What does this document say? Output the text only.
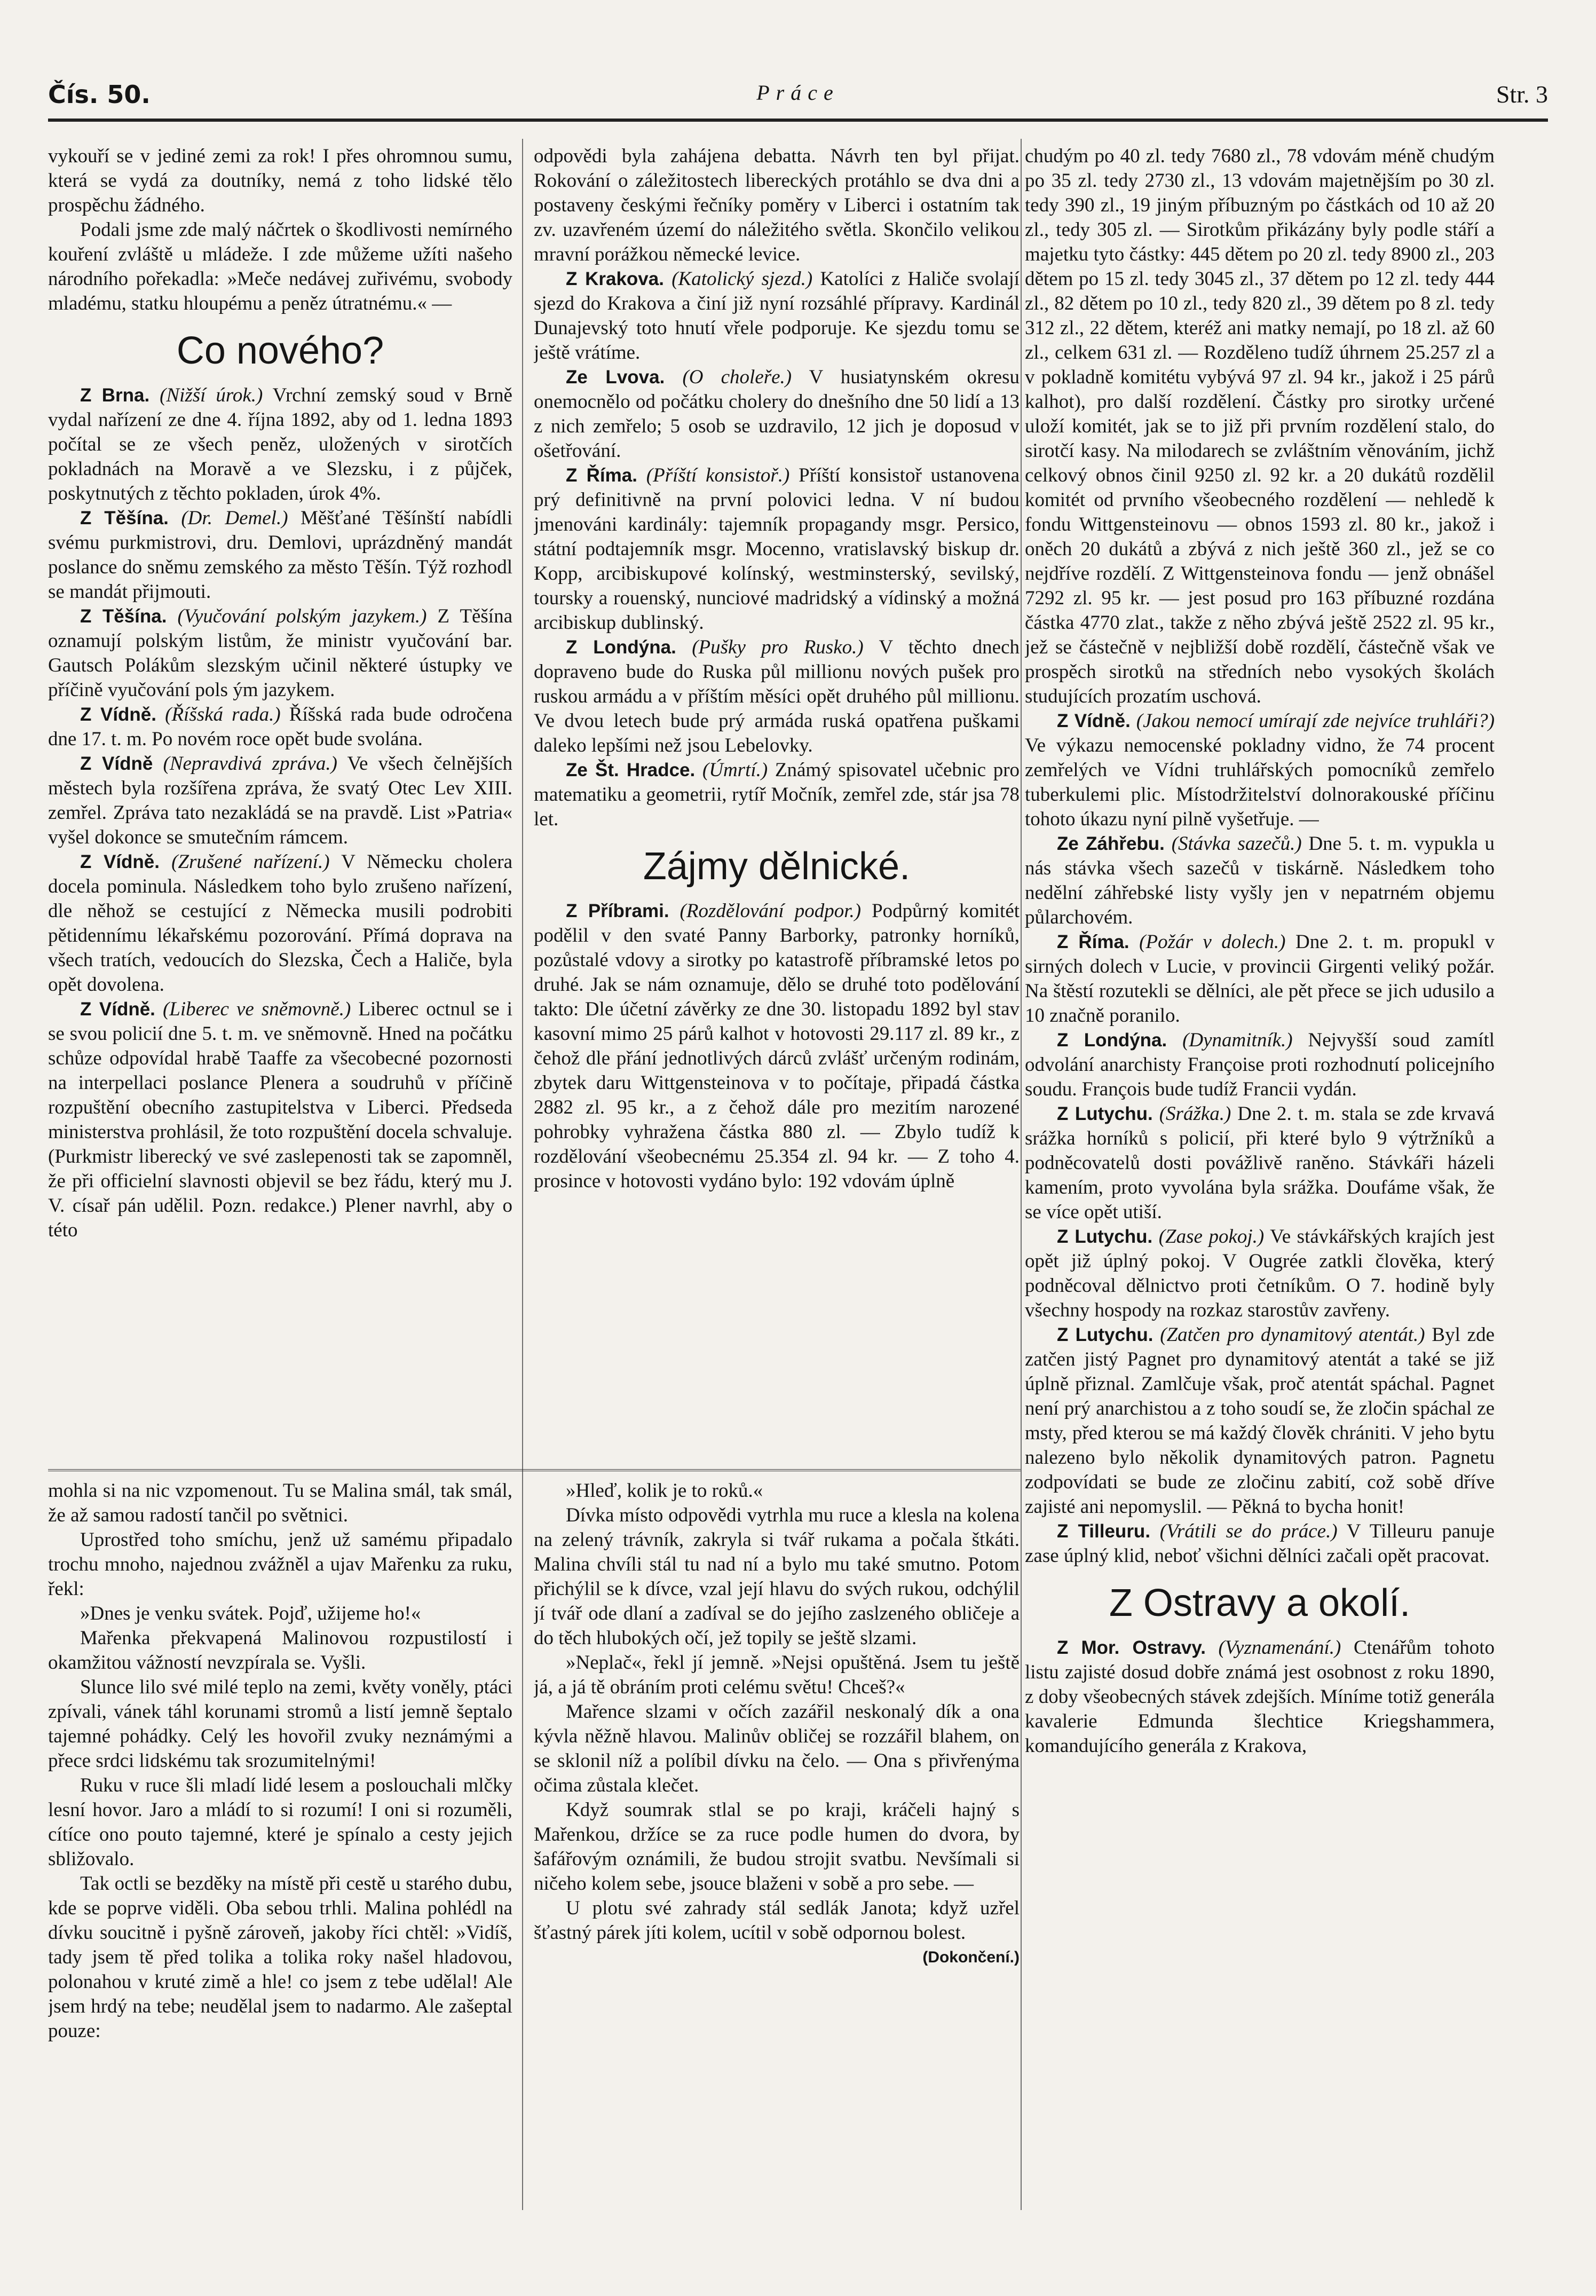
Čís. 50.	Práce	Str. 3

vykouří se v jediné zemi za rok! I přes ohromnou sumu, která se vydá za doutníky, nemá z toho lidské tělo prospěchu žádného.

Podali jsme zde malý náčrtek o škodlivosti nemírného kouření zvláště u mládeže. I zde můžeme užíti našeho národního pořekadla: »Meče nedávej zuřivému, svobody mladému, statku hloupému a peněz útratnému.« —

Co nového?

Z Brna. (Nižší úrok.) Vrchní zemský soud v Brně vydal nařízení ze dne 4. října 1892, aby od 1. ledna 1893 počítal se ze všech peněz, uložených v sirotčích pokladnách na Moravě a ve Slezsku, i z půjček, poskytnutých z těchto pokladen, úrok 4%.

Z Těšína. (Dr. Demel.) Měšťané Těšínští nabídli svému purkmistrovi, dru. Demlovi, uprázdněný mandát poslance do sněmu zemského za město Těšín. Týž rozhodl se mandát přijmouti.

Z Těšína. (Vyučování polským jazykem.) Z Těšína oznamují polským listům, že ministr vyučování bar. Gautsch Polákům slezským učinil některé ústupky ve příčině vyučování pols ým jazykem.

Z Vídně. (Říšská rada.) Říšská rada bude odročena dne 17. t. m. Po novém roce opět bude svolána.

Z Vídně (Nepravdivá zpráva.) Ve všech čelnějších městech byla rozšířena zpráva, že svatý Otec Lev XIII. zemřel. Zpráva tato nezakládá se na pravdě. List »Patria« vyšel dokonce se smutečním rámcem.

Z Vídně. (Zrušené nařízení.) V Německu cholera docela pominula. Následkem toho bylo zrušeno nařízení, dle něhož se cestující z Německa musili podrobiti pětidennímu lékařskému pozorování. Přímá doprava na všech tratích, vedoucích do Slezska, Čech a Haliče, byla opět dovolena.

Z Vídně. (Liberec ve sněmovně.) Liberec octnul se i se svou policií dne 5. t. m. ve sněmovně. Hned na počátku schůze odpovídal hrabě Taaffe za všecobecné pozornosti na interpellaci poslance Plenera a soudruhů v příčině rozpuštění obecního zastupitelstva v Liberci. Předseda ministerstva prohlásil, že toto rozpuštění docela schvaluje. (Purkmistr liberecký ve své zaslepenosti tak se zapomněl, že při officielní slavnosti objevil se bez řádu, který mu J. V. císař pán udělil. Pozn. redakce.) Plener navrhl, aby o této

odpovědi byla zahájena debatta. Návrh ten byl přijat. Rokování o záležitostech libereckých protáhlo se dva dni a postaveny českými řečníky poměry v Liberci i ostatním tak zv. uzavřeném území do náležitého světla. Skončilo velikou mravní porážkou německé levice.

Z Krakova. (Katolický sjezd.) Katolíci z Haliče svolají sjezd do Krakova a činí již nyní rozsáhlé přípravy. Kardinál Dunajevský toto hnutí vřele podporuje. Ke sjezdu tomu se ještě vrátíme.

Ze Lvova. (O choleře.) V husiatynském okresu onemocnělo od počátku cholery do dnešního dne 50 lidí a 13 z nich zemřelo; 5 osob se uzdravilo, 12 jich je doposud v ošetřování.

Z Říma. (Příští konsistoř.) Příští konsistoř ustanovena prý definitivně na první polovici ledna. V ní budou jmenováni kardinály: tajemník propagandy msgr. Persico, státní podtajemník msgr. Mocenno, vratislavský biskup dr. Kopp, arcibiskupové kolínský, westminsterský, sevilský, toursky a rouenský, nunciové madridský a vídinský a možná arcibiskup dublinský.

Z Londýna. (Pušky pro Rusko.) V těchto dnech dopraveno bude do Ruska půl millionu nových pušek pro ruskou armádu a v příštím měsíci opět druhého půl millionu. Ve dvou letech bude prý armáda ruská opatřena puškami daleko lepšími než jsou Lebelovky.

Ze Št. Hradce. (Úmrtí.) Známý spisovatel učebnic pro matematiku a geometrii, rytíř Močník, zemřel zde, stár jsa 78 let.

Zájmy dělnické.

Z Příbrami. (Rozdělování podpor.) Podpůrný komitét podělil v den svaté Panny Barborky, patronky horníků, pozůstalé vdovy a sirotky po katastrofě příbramské letos po druhé. Jak se nám oznamuje, dělo se druhé toto podělování takto: Dle účetní závěrky ze dne 30. listopadu 1892 byl stav kasovní mimo 25 párů kalhot v hotovosti 29.117 zl. 89 kr., z čehož dle přání jednotlivých dárců zvlášť určeným rodinám, zbytek daru Wittgensteinova v to počítaje, připadá částka 2882 zl. 95 kr., a z čehož dále pro mezitím narozené pohrobky vyhražena částka 880 zl. — Zbylo tudíž k rozdělování všeobecnému 25.354 zl. 94 kr. — Z toho 4. prosince v hotovosti vydáno bylo: 192 vdovám úplně

chudým po 40 zl. tedy 7680 zl., 78 vdovám méně chudým po 35 zl. tedy 2730 zl., 13 vdovám majetnějším po 30 zl. tedy 390 zl., 19 jiným příbuzným po částkách od 10 až 20 zl., tedy 305 zl. — Sirotkům přikázány byly podle stáří a majetku tyto částky: 445 dětem po 20 zl. tedy 8900 zl., 203 dětem po 15 zl. tedy 3045 zl., 37 dětem po 12 zl. tedy 444 zl., 82 dětem po 10 zl., tedy 820 zl., 39 dětem po 8 zl. tedy 312 zl., 22 dětem, kteréž ani matky nemají, po 18 zl. až 60 zl., celkem 631 zl. — Rozděleno tudíž úhrnem 25.257 zl a v pokladně komitétu vybývá 97 zl. 94 kr., jakož i 25 párů kalhot), pro další rozdělení. Částky pro sirotky určené uloží komitét, jak se to již při prvním rozdělení stalo, do sirotčí kasy. Na milodarech se zvláštním věnováním, jichž celkový obnos činil 9250 zl. 92 kr. a 20 dukátů rozdělil komitét od prvního všeobecného rozdělení — nehledě k fondu Wittgensteinovu — obnos 1593 zl. 80 kr., jakož i oněch 20 dukátů a zbývá z nich ještě 360 zl., jež se co nejdříve rozdělí. Z Wittgensteinova fondu — jenž obnášel 7292 zl. 95 kr. — jest posud pro 163 příbuzné rozdána částka 4770 zlat., takže z něho zbývá ještě 2522 zl. 95 kr., jež se částečně v nejbližší době rozdělí, částečně však ve prospěch sirotků na středních nebo vysokých školách studujících prozatím uschová.

Z Vídně. (Jakou nemocí umírají zde nejvíce truhláři?) Ve výkazu nemocenské pokladny vidno, že 74 procent zemřelých ve Vídni truhlářských pomocníků zemřelo tuberkulemi plic. Místodržitelství dolnorakouské příčinu tohoto úkazu nyní pilně vyšetřuje. —

Ze Záhřebu. (Stávka sazečů.) Dne 5. t. m. vypukla u nás stávka všech sazečů v tiskárně. Následkem toho nedělní záhřebské listy vyšly jen v nepatrném objemu půlarchovém.

Z Říma. (Požár v dolech.) Dne 2. t. m. propukl v sirných dolech v Lucie, v provincii Girgenti veliký požár. Na štěstí rozutekli se dělníci, ale pět přece se jich udusilo a 10 značně poranilo.

Z Londýna. (Dynamitník.) Nejvyšší soud zamítl odvolání anarchisty Françoise proti rozhodnutí policejního soudu. François bude tudíž Francii vydán.

Z Lutychu. (Srážka.) Dne 2. t. m. stala se zde krvavá srážka horníků s policií, při které bylo 9 výtržníků a podněcovatelů dosti povážlivě raněno. Stávkáři házeli kamením, proto vyvolána byla srážka. Doufáme však, že se více opět utiší.

Z Lutychu. (Zase pokoj.) Ve stávkářských krajích jest opět již úplný pokoj. V Ougrée zatkli člověka, který podněcoval dělnictvo proti četníkům. O 7. hodině byly všechny hospody na rozkaz starostův zavřeny.

Z Lutychu. (Zatčen pro dynamitový atentát.) Byl zde zatčen jistý Pagnet pro dynamitový atentát a také se již úplně přiznal. Zamlčuje však, proč atentát spáchal. Pagnet není prý anarchistou a z toho soudí se, že zločin spáchal ze msty, před kterou se má každý člověk chrániti. V jeho bytu nalezeno bylo několik dynamitových patron. Pagnetu zodpovídati se bude ze zločinu zabití, což sobě dříve zajisté ani nepomyslil. — Pěkná to bycha honit!

Z Tilleuru. (Vrátili se do práce.) V Tilleuru panuje zase úplný klid, neboť všichni dělníci začali opět pracovat.

Z Ostravy a okolí.

Z Mor. Ostravy. (Vyznamenání.) Ctenářům tohoto listu zajisté dosud dobře známá jest osobnost z roku 1890, z doby všeobecných stávek zdejších. Míníme totiž generála kavalerie Edmunda šlechtice Kriegshammera, komandujícího generála z Krakova,

mohla si na nic vzpomenout. Tu se Malina smál, tak smál, že až samou radostí tančil po světnici.

Uprostřed toho smíchu, jenž už samému připadalo trochu mnoho, najednou zvážněl a ujav Mařenku za ruku, řekl:

»Dnes je venku svátek. Pojď, užijeme ho!«

Mařenka překvapená Malinovou rozpustilostí i okamžitou vážností nevzpírala se. Vyšli.

Slunce lilo své milé teplo na zemi, květy voněly, ptáci zpívali, vánek táhl korunami stromů a listí jemně šeptalo tajemné pohádky. Celý les hovořil zvuky neznámými a přece srdci lidskému tak srozumitelnými!

Ruku v ruce šli mladí lidé lesem a poslouchali mlčky lesní hovor. Jaro a mládí to si rozumí! I oni si rozuměli, cítíce ono pouto tajemné, které je spínalo a cesty jejich sbližovalo.

Tak octli se bezděky na místě při cestě u starého dubu, kde se poprve viděli. Oba sebou trhli. Malina pohlédl na dívku soucitně i pyšně zároveň, jakoby říci chtěl: »Vidíš, tady jsem tě před tolika a tolika roky našel hladovou, polonahou v kruté zimě a hle! co jsem z tebe udělal! Ale jsem hrdý na tebe; neudělal jsem to nadarmo. Ale zašeptal pouze:

»Hleď, kolik je to roků.«

Dívka místo odpovědi vytrhla mu ruce a klesla na kolena na zelený trávník, zakryla si tvář rukama a počala štkáti. Malina chvíli stál tu nad ní a bylo mu také smutno. Potom přichýlil se k dívce, vzal její hlavu do svých rukou, odchýlil jí tvář ode dlaní a zadíval se do jejího zaslzeného obličeje a do těch hlubokých očí, jež topily se ještě slzami.

»Neplač«, řekl jí jemně. »Nejsi opuštěná. Jsem tu ještě já, a já tě obráním proti celému světu! Chceš?«

Mařence slzami v očích zazářil neskonalý dík a ona kývla něžně hlavou. Malinův obličej se rozzářil blahem, on se sklonil níž a políbil dívku na čelo. — Ona s přivřenýma očima zůstala klečet.

Když soumrak stlal se po kraji, kráčeli hajný s Mařenkou, držíce se za ruce podle humen do dvora, by šafářovým oznámili, že budou strojit svatbu. Nevšímali si ničeho kolem sebe, jsouce blaženi v sobě a pro sebe. —

U plotu své zahrady stál sedlák Janota; když uzřel šťastný párek jíti kolem, ucítil v sobě odpornou bolest.

(Dokončení.)
